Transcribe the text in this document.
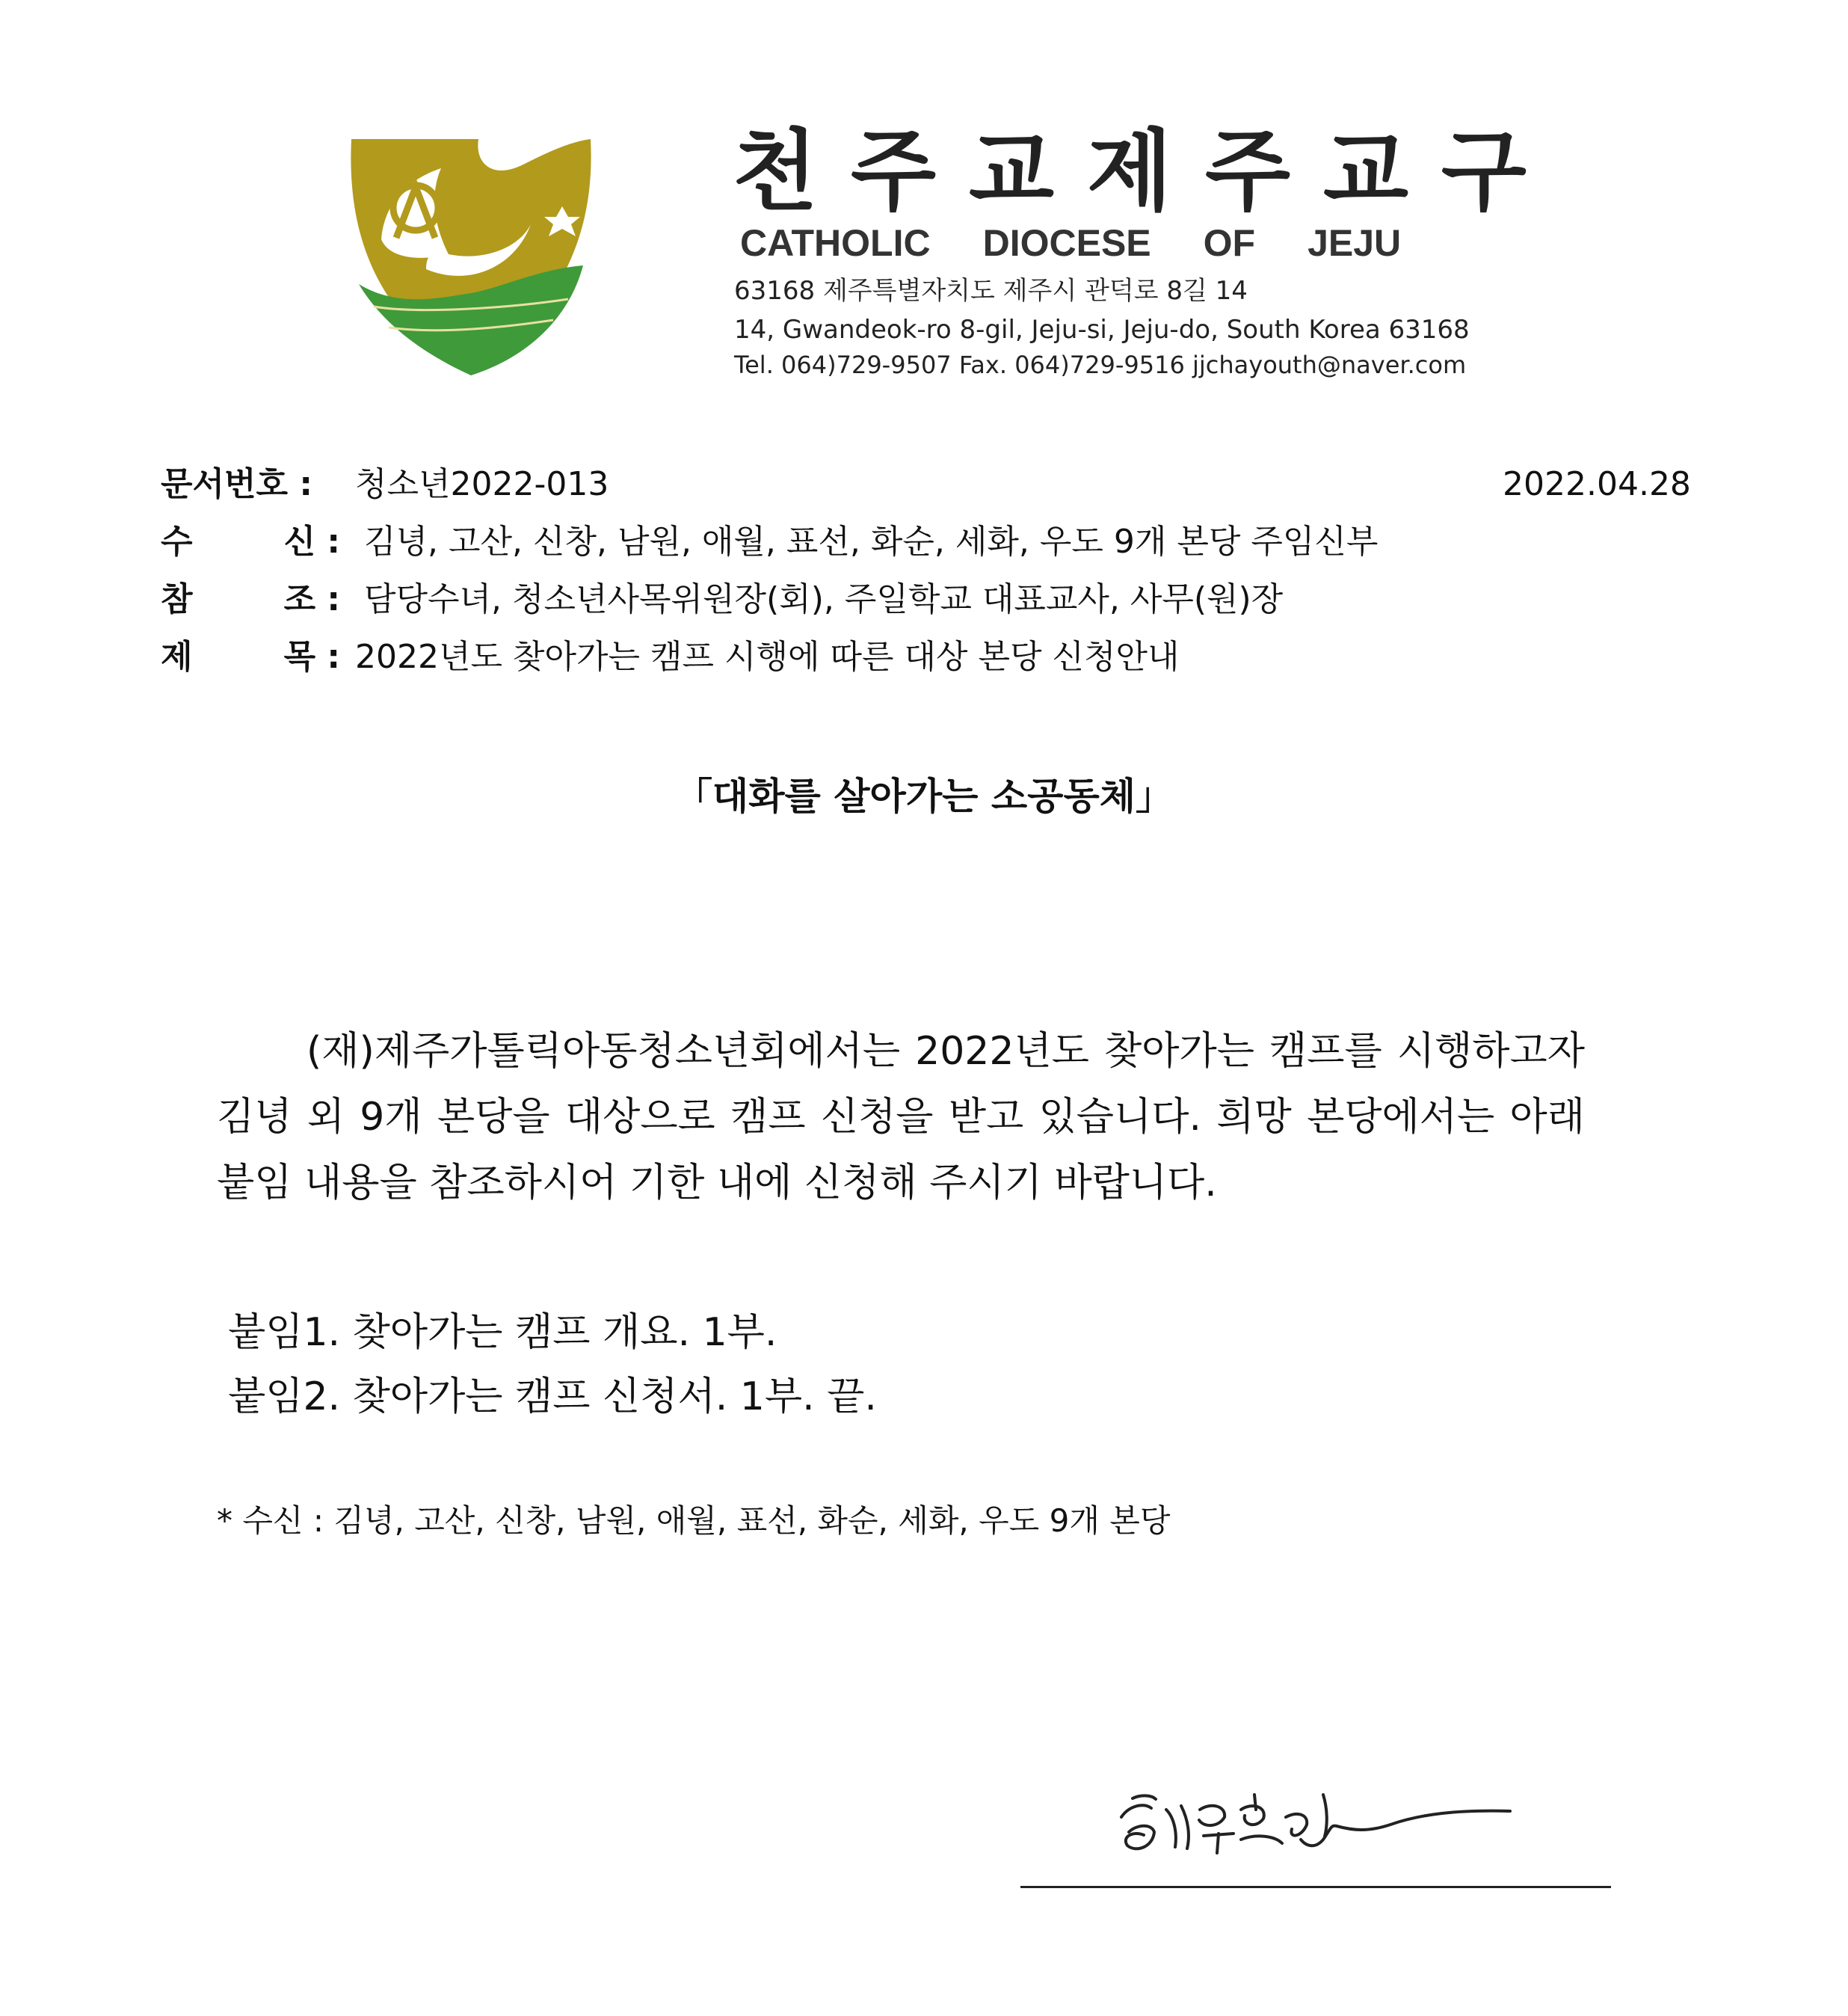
천주교제주교구
CATHOLIC DIOCESE OF JEJU
63168 제주특별자치도 제주시 관덕로 8길 14
14, Gwandeok-ro 8-gil, Jeju-si, Jeju-do, South Korea 63168
Tel. 064)729-9507 Fax. 064)729-9516 jjchayouth@naver.com
문서번호 :	청소년2022-013	2022.04.28
수	신 : 김녕, 고산, 신창, 남원, 애월, 표선, 화순, 세화, 우도 9개 본당 주임신부
참	조 : 담당수녀, 청소년사목위원장(회), 주일학교 대표교사, 사무(원)장
제	목 : 2022년도 찾아가는 캠프 시행에 따른 대상 본당 신청안내
「대화를 살아가는 소공동체」
(재)제주가톨릭아동청소년회에서는 2022년도 찾아가는 캠프를 시행하고자 김녕 외 9개 본당을 대상으로 캠프 신청을 받고 있습니다. 희망 본당에서는 아래 붙임 내용을 참조하시어 기한 내에 신청해 주시기 바랍니다.
붙임1. 찾아가는 캠프 개요. 1부.
붙임2. 찾아가는 캠프 신청서. 1부. 끝.
* 수신 : 김녕, 고산, 신창, 남원, 애월, 표선, 화순, 세화, 우도 9개 본당
